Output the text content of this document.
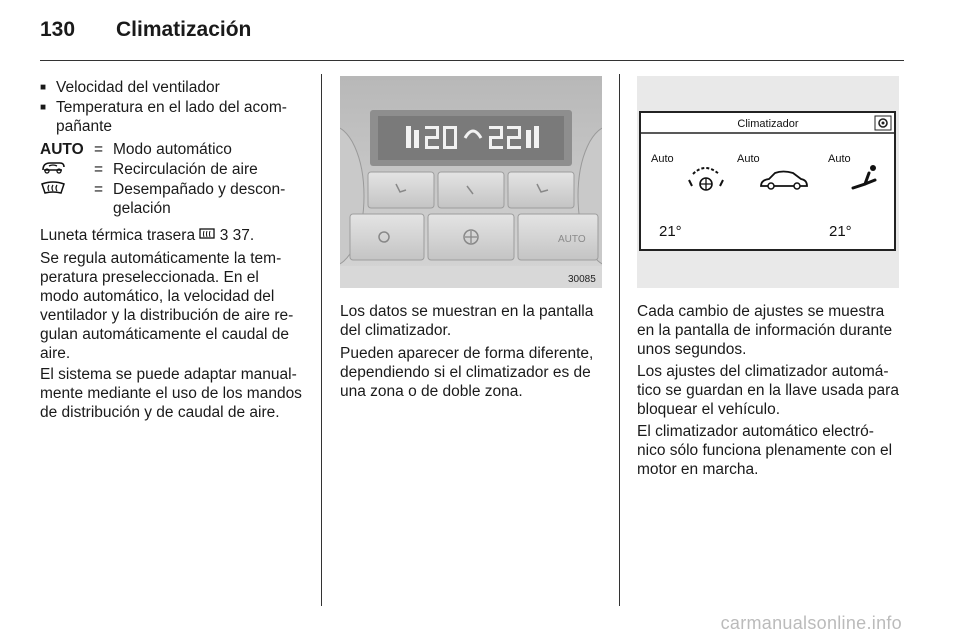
130 Climatización
■ Velocidad del ventilador
■ Temperatura en el lado del acom-
pañante
AUTO = Modo automático
= Recirculación de aire
= Desempañado y descon-
gelación
Luneta térmica trasera 3 37.
Se regula automáticamente la tem-
peratura preseleccionada. En el
modo automático, la velocidad del
ventilador y la distribución de aire re-
gulan automáticamente el caudal de
aire.
El sistema se puede adaptar manual-
mente mediante el uso de los mandos
de distribución y de caudal de aire.
AUTO
30085
Los datos se muestran en la pantalla
del climatizador.
Pueden aparecer de forma diferente,
dependiendo si el climatizador es de
una zona o de doble zona.
Climatizador
Auto	Auto	Auto
21°	21°
Cada cambio de ajustes se muestra
en la pantalla de información durante
unos segundos.
Los ajustes del climatizador automá-
tico se guardan en la llave usada para
bloquear el vehículo.
El climatizador automático electró-
nico sólo funciona plenamente con el
motor en marcha.
carmanualsonline.info
